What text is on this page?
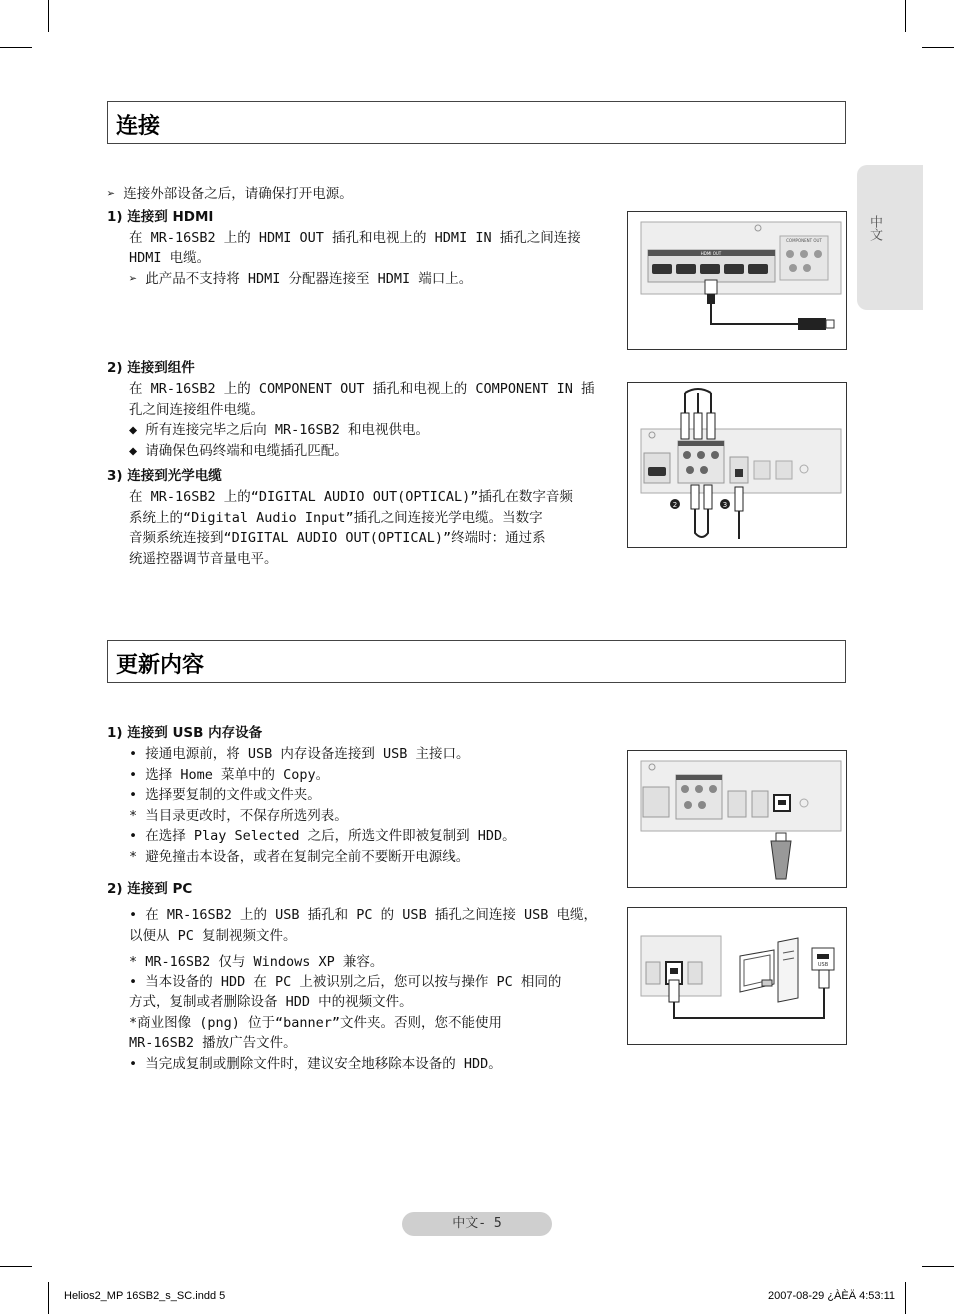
中文
连接
➢ 连接外部设备之后，请确保打开电源。
1) 连接到 HDMI
在 MR-16SB2 上的 HDMI OUT 插孔和电视上的 HDMI IN 插孔之间连接
HDMI 电缆。
➢ 此产品不支持将 HDMI 分配器连接至 HDMI 端口上。
2) 连接到组件
在 MR-16SB2 上的 COMPONENT OUT 插孔和电视上的 COMPONENT IN 插
孔之间连接组件电缆。
◆ 所有连接完毕之后向 MR-16SB2 和电视供电。
◆ 请确保色码终端和电缆插孔匹配。
3) 连接到光学电缆
在 MR-16SB2 上的“DIGITAL AUDIO OUT(OPTICAL)”插孔在数字音频
系统上的“Digital Audio Input”插孔之间连接光学电缆。当数字
音频系统连接到“DIGITAL AUDIO OUT(OPTICAL)”终端时：通过系
统遥控器调节音量电平。
HDMI OUT
COMPONENT OUT
2	3
更新内容
1) 连接到 USB 内存设备
• 接通电源前，将 USB 内存设备连接到 USB 主接口。
• 选择 Home 菜单中的 Copy。
• 选择要复制的文件或文件夹。
* 当目录更改时，不保存所选列表。
• 在选择 Play Selected 之后，所选文件即被复制到 HDD。
* 避免撞击本设备，或者在复制完全前不要断开电源线。
2) 连接到 PC
• 在 MR-16SB2 上的 USB 插孔和 PC 的 USB 插孔之间连接 USB 电缆，
以便从 PC 复制视频文件。
* MR-16SB2 仅与 Windows XP 兼容。
• 当本设备的 HDD 在 PC 上被识别之后，您可以按与操作 PC 相同的
方式，复制或者删除设备 HDD 中的视频文件。
*商业图像 (png) 位于“banner”文件夹。否则，您不能使用
MR-16SB2 播放广告文件。
• 当完成复制或删除文件时，建议安全地移除本设备的 HDD。
USB
中文- 5
Helios2_MP 16SB2_s_SC.indd 5	2007-08-29 ¿ÀÈÄ 4:53:11
